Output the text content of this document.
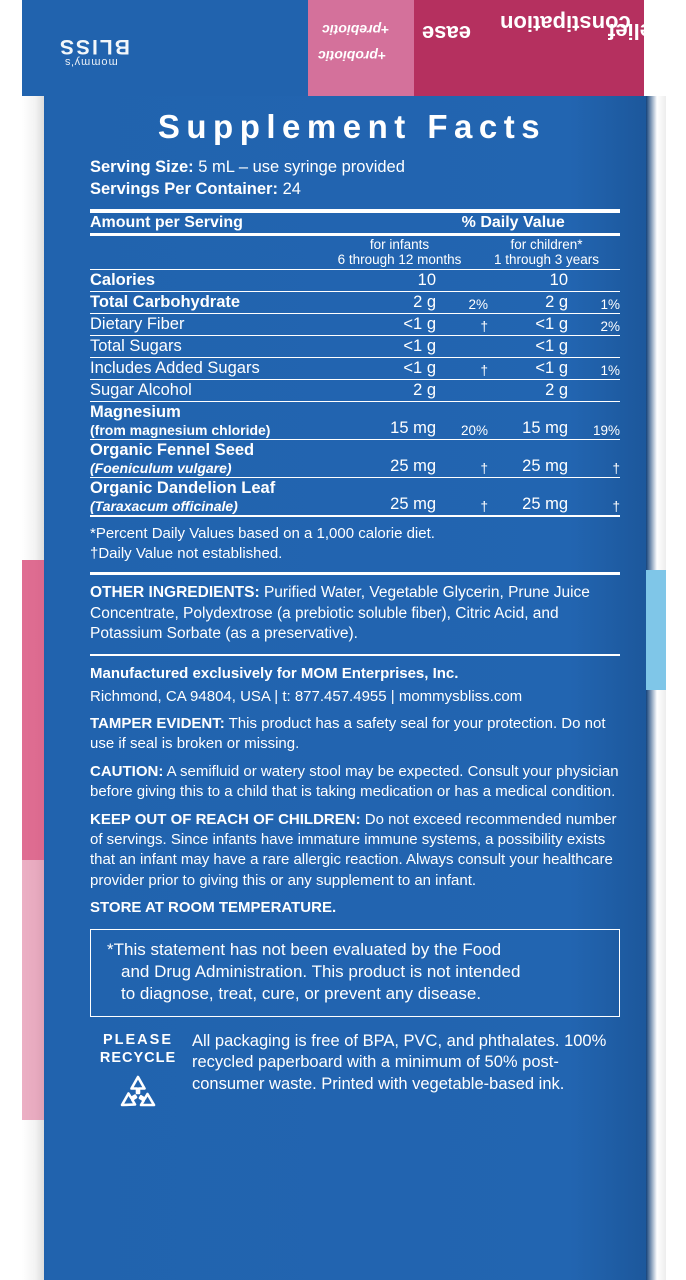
BLISS
mommy's
+prebiotic
+probiotic
ease constipation
relief
Supplement Facts
Serving Size: 5 mL – use syringe provided
Servings Per Container: 24
Amount per Serving	% Daily Value

for infants
6 through 12 months

for children*
1 through 3 years
Calories	10		10	

Total Carbohydrate	2 g	2%	2 g	1%

Dietary Fiber	<1 g	†	<1 g	2%

Total Sugars	<1 g		<1 g	

Includes Added Sugars	<1 g	†	<1 g	1%

Sugar Alcohol	2 g		2 g	

Magnesium
(from magnesium chloride)	15 mg	20%	15 mg	19%

Organic Fennel Seed
(Foeniculum vulgare)	25 mg	†	25 mg	†

Organic Dandelion Leaf
(Taraxacum officinale)	25 mg	†	25 mg	†
*Percent Daily Values based on a 1,000 calorie diet.
†Daily Value not established.
OTHER INGREDIENTS: Purified Water, Vegetable Glycerin, Prune Juice Concentrate, Polydextrose (a prebiotic soluble fiber), Citric Acid, and Potassium Sorbate (as a preservative).

Manufactured exclusively for MOM Enterprises, Inc.

Richmond, CA 94804, USA | t: 877.457.4955 | mommysbliss.com

TAMPER EVIDENT: This product has a safety seal for your protection. Do not use if seal is broken or missing.

CAUTION: A semifluid or watery stool may be expected. Consult your physician before giving this to a child that is taking medication or has a medical condition.

KEEP OUT OF REACH OF CHILDREN: Do not exceed recommended number of servings. Since infants have immature immune systems, a possibility exists that an infant may have a rare allergic reaction. Always consult your healthcare provider prior to giving this or any supplement to an infant.

STORE AT ROOM TEMPERATURE.

*This statement has not been evaluated by the Food
and Drug Administration. This product is not intended
to diagnose, treat, cure, or prevent any disease.
PLEASE
RECYCLE
All packaging is free of BPA, PVC, and phthalates. 100% recycled paperboard with a minimum of 50% post-consumer waste. Printed with vegetable-based ink.
